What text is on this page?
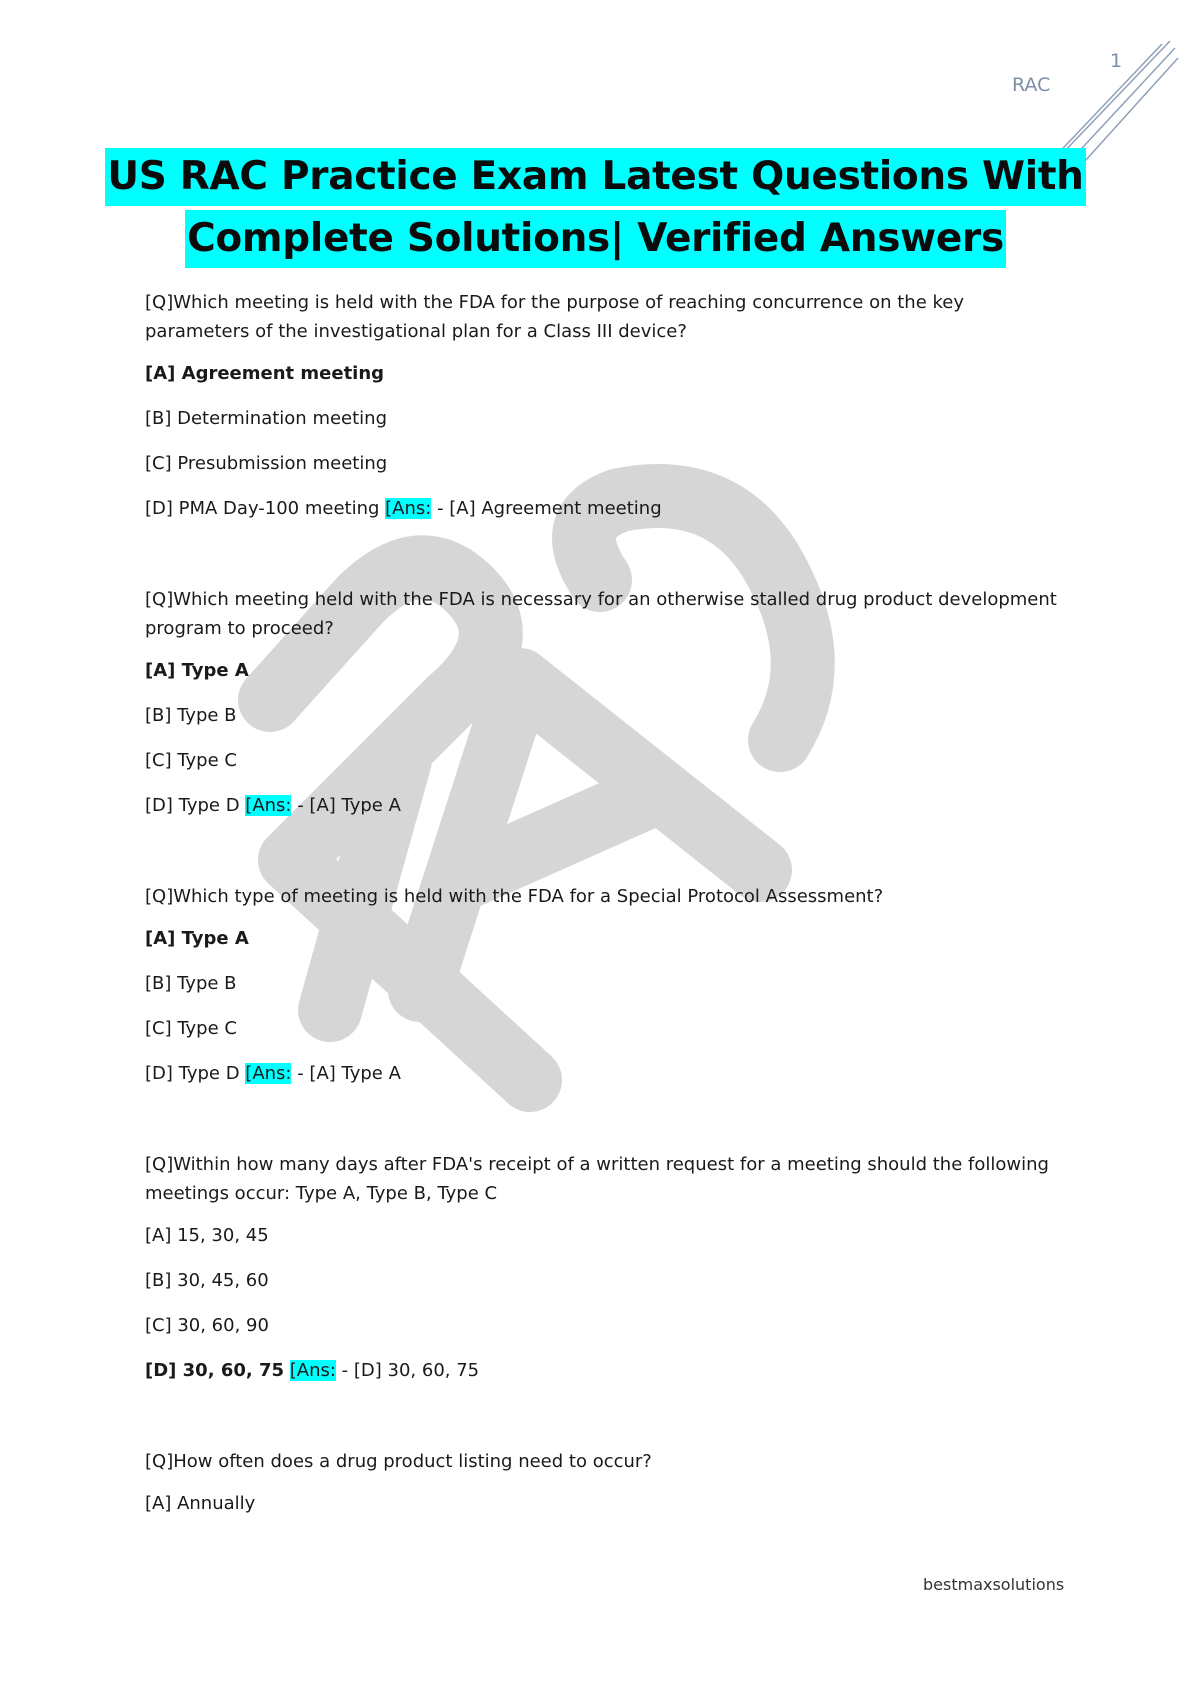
1
RAC
US RAC Practice Exam Latest Questions With
Complete Solutions| Verified Answers

[Q]Which meeting is held with the FDA for the purpose of reaching concurrence on the key parameters of the investigational plan for a Class III device?

[A] Agreement meeting

[B] Determination meeting

[C] Presubmission meeting

[D] PMA Day-100 meeting [Ans: - [A] Agreement meeting

[Q]Which meeting held with the FDA is necessary for an otherwise stalled drug product development program to proceed?

[A] Type A

[B] Type B

[C] Type C

[D] Type D [Ans: - [A] Type A

[Q]Which type of meeting is held with the FDA for a Special Protocol Assessment?

[A] Type A

[B] Type B

[C] Type C

[D] Type D [Ans: - [A] Type A

[Q]Within how many days after FDA's receipt of a written request for a meeting should the following meetings occur: Type A, Type B, Type C

[A] 15, 30, 45

[B] 30, 45, 60

[C] 30, 60, 90

[D] 30, 60, 75 [Ans: - [D] 30, 60, 75

[Q]How often does a drug product listing need to occur?

[A] Annually

bestmaxsolutions
